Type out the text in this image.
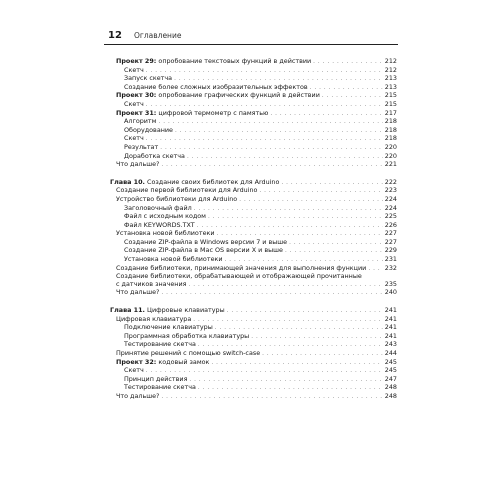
12 Оглавление
Проект 29: опробование текстовых функций в действии . . .	212
Скетч . . .	212
Запуск скетча . . .	213
Создание более сложных изобразительных эффектов . . .	213
Проект 30: опробование графических функций в действии . . .	215
Скетч . . .	215
Проект 31: цифровой термометр с памятью . . .	217
Алгоритм . . .	218
Оборудование . . .	218
Скетч . . .	218
Результат . . .	220
Доработка скетча . . .	220
Что дальше? . . .	221
Глава 10. Создание своих библиотек для Arduino . . .	222
Создание первой библиотеки для Arduino . . .	223
Устройство библиотеки для Arduino . . .	224
Заголовочный файл . . .	224
Файл с исходным кодом . . .	225
Файл KEYWORDS.TXT . . .	226
Установка новой библиотеки . . .	227
Создание ZIP-файла в Windows версии 7 и выше . . .	227
Создание ZIP-файла в Mac OS версии X и выше . . .	229
Установка новой библиотеки . . .	231
Создание библиотеки, принимающей значения для выполнения функции . . .	232
Создание библиотеки, обрабатывающей и отображающей прочитанные
с датчиков значения . . .	235
Что дальше? . . .	240
Глава 11. Цифровые клавиатуры . . .	241
Цифровая клавиатура . . .	241
Подключение клавиатуры . . .	241
Программная обработка клавиатуры . . .	241
Тестирование скетча . . .	243
Принятие решений с помощью switch-case . . .	244
Проект 32: кодовый замок . . .	245
Скетч . . .	245
Принцип действия . . .	247
Тестирование скетча . . .	248
Что дальше? . . .	248
